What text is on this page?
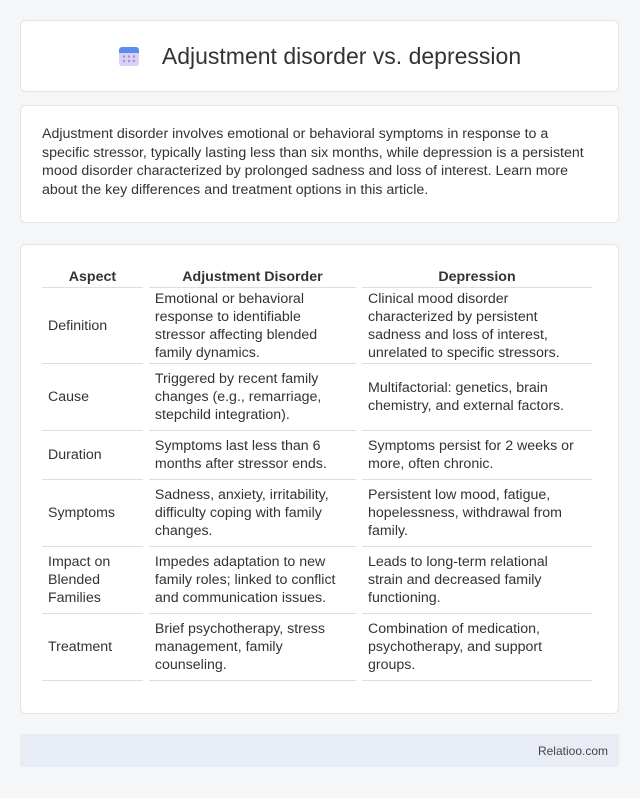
Adjustment disorder vs. depression

Adjustment disorder involves emotional or behavioral symptoms in response to a specific stressor, typically lasting less than six months, while depression is a persistent mood disorder characterized by prolonged sadness and loss of interest. Learn more about the key differences and treatment options in this article.

Aspect	Adjustment Disorder	Depression
Definition	Emotional or behavioral response to identifiable stressor affecting blended family dynamics.	Clinical mood disorder characterized by persistent sadness and loss of interest, unrelated to specific stressors.
Cause	Triggered by recent family changes (e.g., remarriage, stepchild integration).	Multifactorial: genetics, brain chemistry, and external factors.
Duration	Symptoms last less than 6 months after stressor ends.	Symptoms persist for 2 weeks or more, often chronic.
Symptoms	Sadness, anxiety, irritability, difficulty coping with family changes.	Persistent low mood, fatigue, hopelessness, withdrawal from family.
Impact on Blended Families	Impedes adaptation to new family roles; linked to conflict and communication issues.	Leads to long-term relational strain and decreased family functioning.
Treatment	Brief psychotherapy, stress management, family counseling.	Combination of medication, psychotherapy, and support groups.
Relatioo.com
